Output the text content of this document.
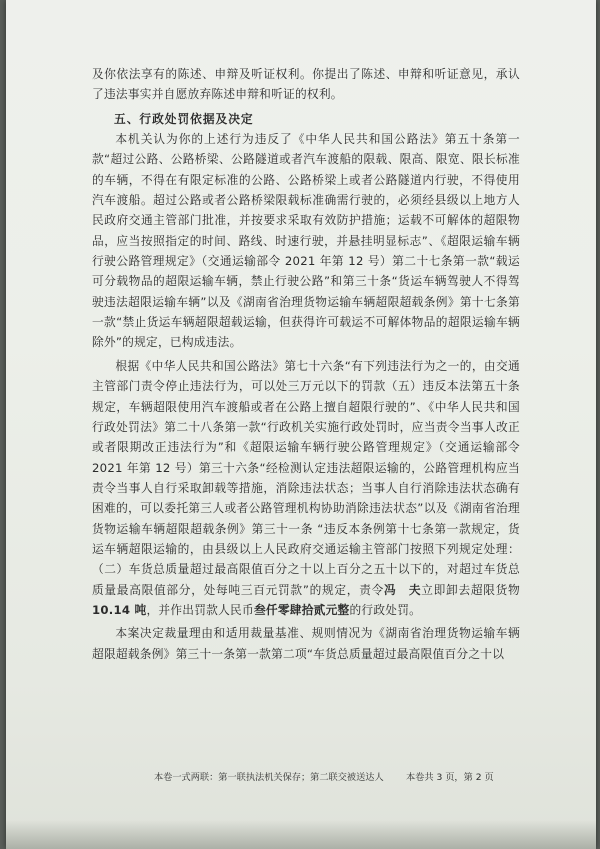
及你依法享有的陈述、申辩及听证权利。你提出了陈述、申辩和听证意见，承认了违法事实并自愿放弃陈述申辩和听证的权利。

五、行政处罚依据及决定

本机关认为你的上述行为违反了《中华人民共和国公路法》第五十条第一款“超过公路、公路桥梁、公路隧道或者汽车渡船的限载、限高、限宽、限长标准的车辆，不得在有限定标准的公路、公路桥梁上或者公路隧道内行驶，不得使用汽车渡船。超过公路或者公路桥梁限载标准确需行驶的，必须经县级以上地方人民政府交通主管部门批准，并按要求采取有效防护措施；运载不可解体的超限物品，应当按照指定的时间、路线、时速行驶，并悬挂明显标志”、《超限运输车辆行驶公路管理规定》（交通运输部令 2021 年第 12 号）第二十七条第一款“载运可分载物品的超限运输车辆，禁止行驶公路”和第三十条“货运车辆驾驶人不得驾驶违法超限运输车辆”以及《湖南省治理货物运输车辆超限超载条例》第十七条第一款“禁止货运车辆超限超载运输，但获得许可载运不可解体物品的超限运输车辆除外”的规定，已构成违法。

根据《中华人民共和国公路法》第七十六条“有下列违法行为之一的，由交通主管部门责令停止违法行为，可以处三万元以下的罚款（五）违反本法第五十条规定，车辆超限使用汽车渡船或者在公路上擅自超限行驶的”、《中华人民共和国行政处罚法》第二十八条第一款“行政机关实施行政处罚时，应当责令当事人改正或者限期改正违法行为”和《超限运输车辆行驶公路管理规定》（交通运输部令 2021 年第 12 号）第三十六条“经检测认定违法超限运输的，公路管理机构应当责令当事人自行采取卸载等措施，消除违法状态；当事人自行消除违法状态确有困难的，可以委托第三人或者公路管理机构协助消除违法状态”以及《湖南省治理货物运输车辆超限超载条例》第三十一条 “违反本条例第十七条第一款规定，货运车辆超限运输的，由县级以上人民政府交通运输主管部门按照下列规定处理：（二）车货总质量超过最高限值百分之十以上百分之五十以下的，对超过车货总质量最高限值部分，处每吨三百元罚款”的规定，责令冯　夫立即卸去超限货物10.14 吨，并作出罚款人民币叁仟零肆拾贰元整的行政处罚。

本案决定裁量理由和适用裁量基准、规则情况为《湖南省治理货物运输车辆超限超载条例》第三十一条第一款第二项“车货总质量超过最高限值百分之十以

本卷一式两联：第一联执法机关保存；第二联交被送达人 本卷共 3 页，第 2 页
